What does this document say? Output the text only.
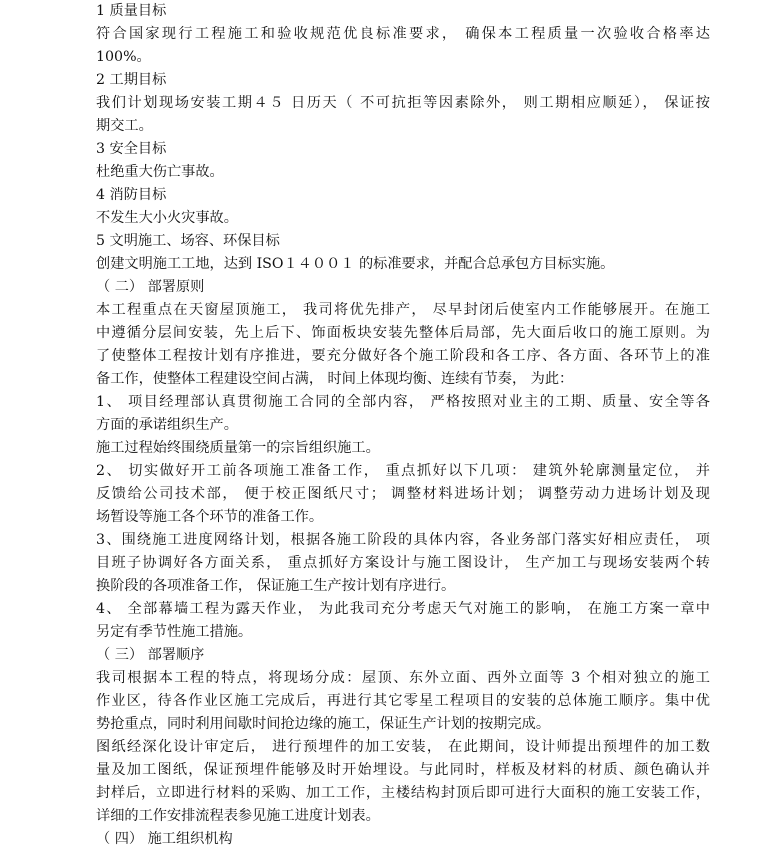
1 质量目标
符合国家现行工程施工和验收规范优良标准要求， 确保本工程质量一次验收合格率达
100%。
2 工期目标
我们计划现场安装工期４５ 日历天（ 不可抗拒等因素除外， 则工期相应顺延）， 保证按
期交工。
3 安全目标
杜绝重大伤亡事故。
4 消防目标
不发生大小火灾事故。
5 文明施工、场容、环保目标
创建文明施工工地，达到 ISO１４００１ 的标准要求，并配合总承包方目标实施。
（ 二） 部署原则
本工程重点在天窗屋顶施工， 我司将优先排产， 尽早封闭后使室内工作能够展开。在施工
中遵循分层间安装，先上后下、饰面板块安装先整体后局部，先大面后收口的施工原则。为
了使整体工程按计划有序推进，要充分做好各个施工阶段和各工序、各方面、各环节上的准
备工作，使整体工程建设空间占满， 时间上体现均衡、连续有节奏， 为此：
1、 项目经理部认真贯彻施工合同的全部内容， 严格按照对业主的工期、质量、安全等各
方面的承诺组织生产。
施工过程始终围绕质量第一的宗旨组织施工。
2、 切实做好开工前各项施工准备工作， 重点抓好以下几项： 建筑外轮廓测量定位， 并
反馈给公司技术部， 便于校正图纸尺寸； 调整材料进场计划； 调整劳动力进场计划及现
场暂设等施工各个环节的准备工作。
3、围绕施工进度网络计划，根据各施工阶段的具体内容，各业务部门落实好相应责任， 项
目班子协调好各方面关系， 重点抓好方案设计与施工图设计， 生产加工与现场安装两个转
换阶段的各项准备工作， 保证施工生产按计划有序进行。
4、 全部幕墙工程为露天作业， 为此我司充分考虑天气对施工的影响， 在施工方案一章中
另定有季节性施工措施。
（ 三） 部署顺序
我司根据本工程的特点，将现场分成：屋顶、东外立面、西外立面等 3 个相对独立的施工
作业区，待各作业区施工完成后，再进行其它零星工程项目的安装的总体施工顺序。集中优
势抢重点，同时利用间歇时间抢边缘的施工，保证生产计划的按期完成。
图纸经深化设计审定后， 进行预埋件的加工安装， 在此期间，设计师提出预埋件的加工数
量及加工图纸，保证预埋件能够及时开始埋设。与此同时，样板及材料的材质、颜色确认并
封样后，立即进行材料的采购、加工工作，主楼结构封顶后即可进行大面积的施工安装工作，
详细的工作安排流程表参见施工进度计划表。
（ 四） 施工组织机构
